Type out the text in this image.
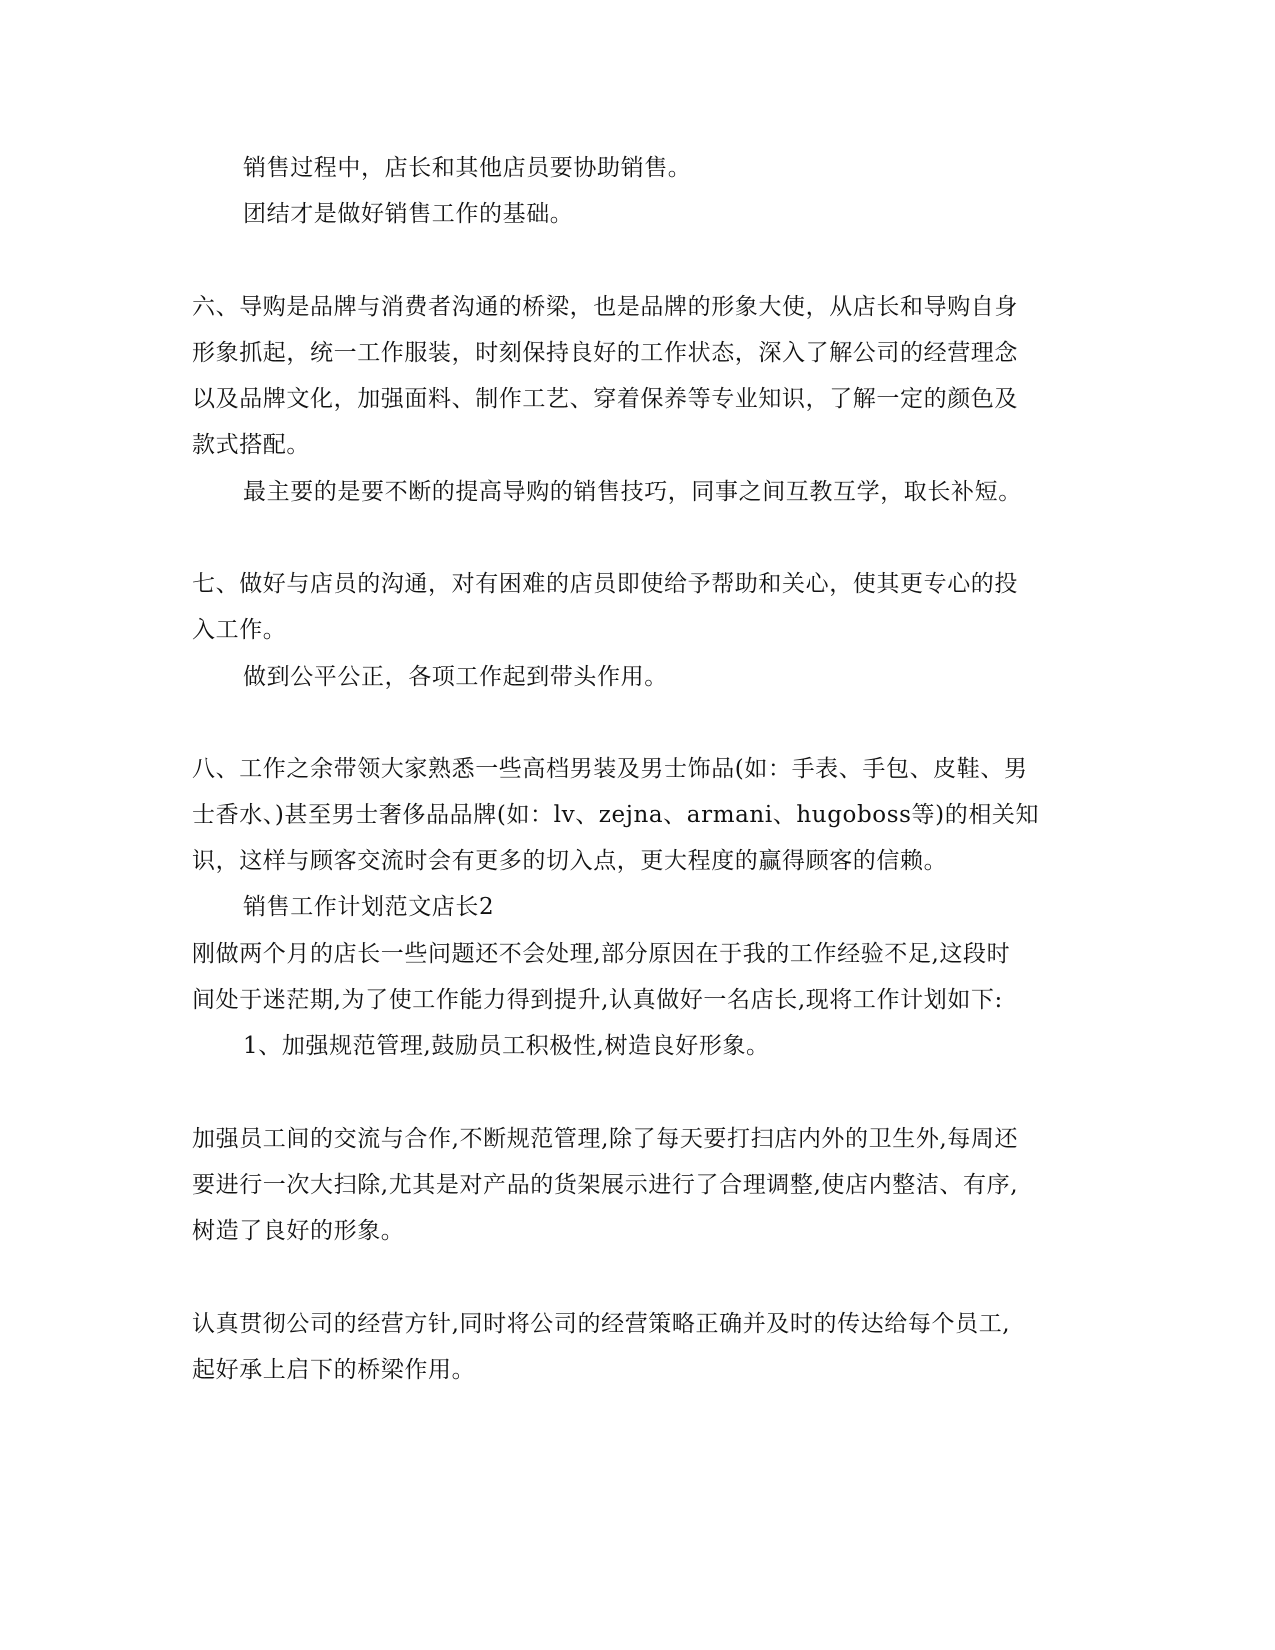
销售过程中，店长和其他店员要协助销售。
团结才是做好销售工作的基础。
六、导购是品牌与消费者沟通的桥梁，也是品牌的形象大使，从店长和导购自身
形象抓起，统一工作服装，时刻保持良好的工作状态，深入了解公司的经营理念
以及品牌文化，加强面料、制作工艺、穿着保养等专业知识，了解一定的颜色及
款式搭配。
最主要的是要不断的提高导购的销售技巧，同事之间互教互学，取长补短。
七、做好与店员的沟通，对有困难的店员即使给予帮助和关心，使其更专心的投
入工作。
做到公平公正，各项工作起到带头作用。
八、工作之余带领大家熟悉一些高档男装及男士饰品(如：手表、手包、皮鞋、男
士香水、)甚至男士奢侈品品牌(如：lv、zejna、armani、hugoboss等)的相关知
识，这样与顾客交流时会有更多的切入点，更大程度的赢得顾客的信赖。
销售工作计划范文店长2
刚做两个月的店长一些问题还不会处理,部分原因在于我的工作经验不足,这段时
间处于迷茫期,为了使工作能力得到提升,认真做好一名店长,现将工作计划如下:
1、加强规范管理,鼓励员工积极性,树造良好形象。
加强员工间的交流与合作,不断规范管理,除了每天要打扫店内外的卫生外,每周还
要进行一次大扫除,尤其是对产品的货架展示进行了合理调整,使店内整洁、有序,
树造了良好的形象。
认真贯彻公司的经营方针,同时将公司的经营策略正确并及时的传达给每个员工,
起好承上启下的桥梁作用。
